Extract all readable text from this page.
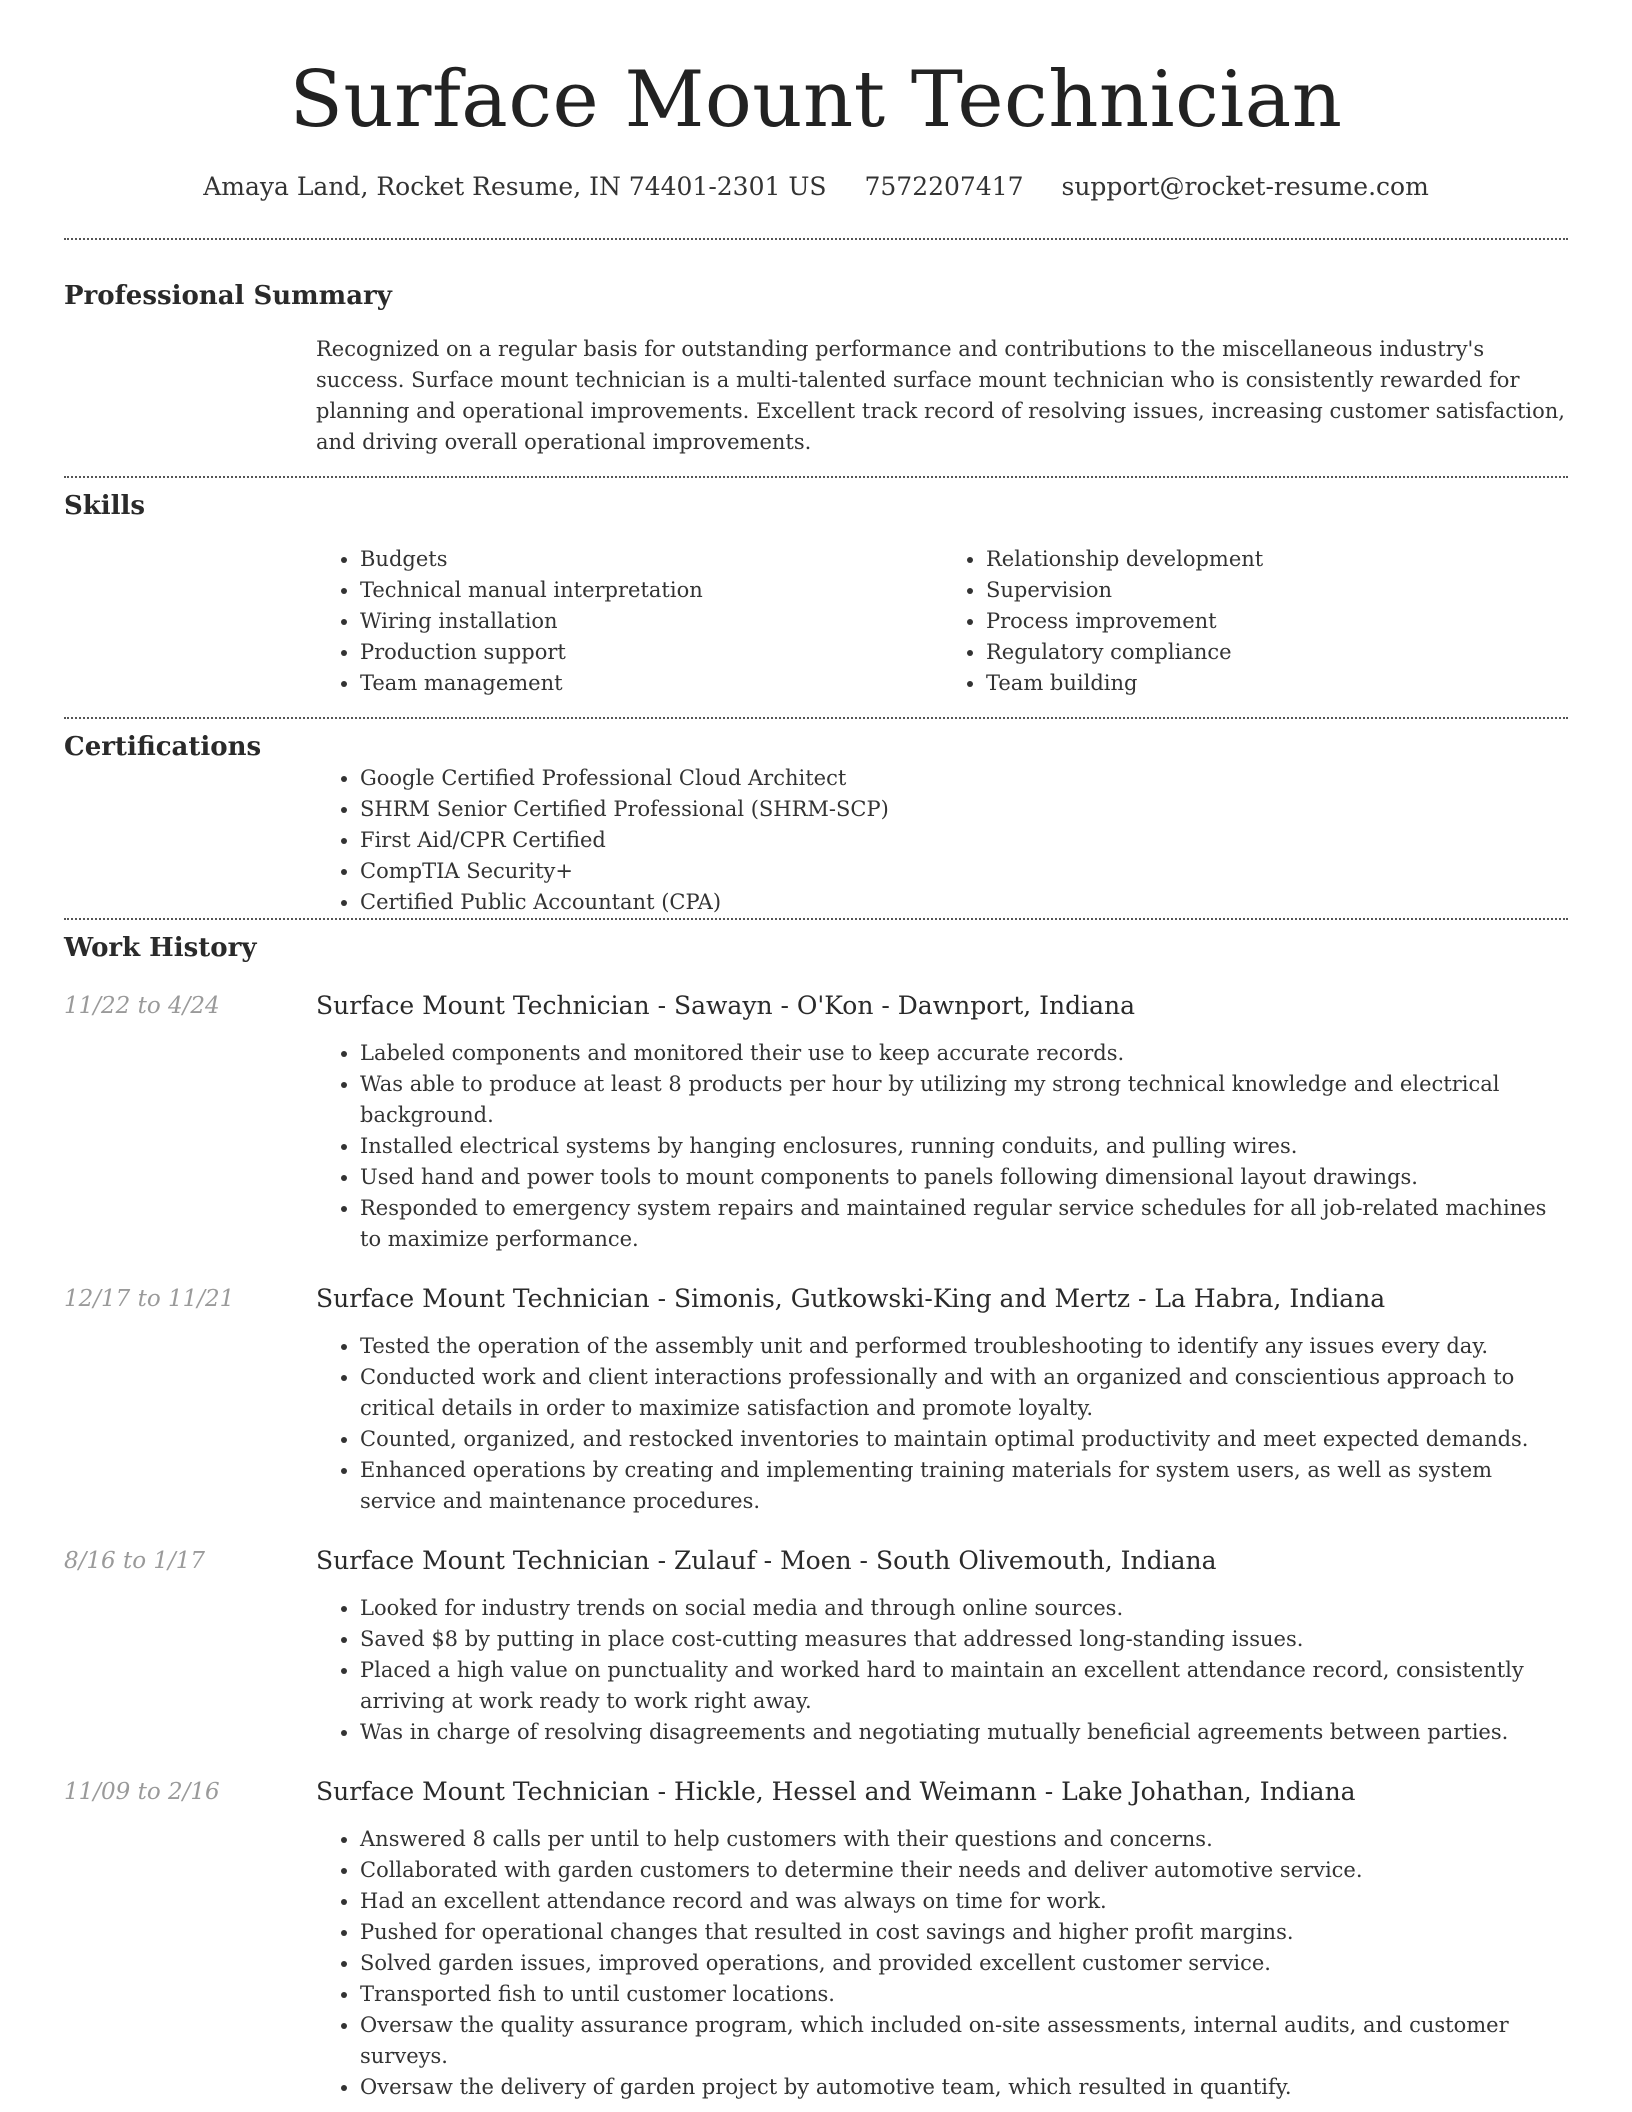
Surface Mount Technician
Amaya Land, Rocket Resume, IN 74401-2301 US 7572207417 support@rocket-resume.com
Professional Summary

Recognized on a regular basis for outstanding performance and contributions to the miscellaneous industry's success. Surface mount technician is a multi-talented surface mount technician who is consistently rewarded for planning and operational improvements. Excellent track record of resolving issues, increasing customer satisfaction, and driving overall operational improvements.

Skills
• Budgets
• Technical manual interpretation
• Wiring installation
• Production support
• Team management
• Relationship development
• Supervision
• Process improvement
• Regulatory compliance
• Team building
Certifications
• Google Certified Professional Cloud Architect
• SHRM Senior Certified Professional (SHRM-SCP)
• First Aid/CPR Certified
• CompTIA Security+
• Certified Public Accountant (CPA)
Work History
11/22 to 4/24	Surface Mount Technician - Sawayn - O'Kon - Dawnport, Indiana
• Labeled components and monitored their use to keep accurate records.
• Was able to produce at least 8 products per hour by utilizing my strong technical knowledge and electrical background.
• Installed electrical systems by hanging enclosures, running conduits, and pulling wires.
• Used hand and power tools to mount components to panels following dimensional layout drawings.
• Responded to emergency system repairs and maintained regular service schedules for all job-related machines to maximize performance.
12/17 to 11/21	Surface Mount Technician - Simonis, Gutkowski-King and Mertz - La Habra, Indiana
• Tested the operation of the assembly unit and performed troubleshooting to identify any issues every day.
• Conducted work and client interactions professionally and with an organized and conscientious approach to critical details in order to maximize satisfaction and promote loyalty.
• Counted, organized, and restocked inventories to maintain optimal productivity and meet expected demands.
• Enhanced operations by creating and implementing training materials for system users, as well as system service and maintenance procedures.
8/16 to 1/17	Surface Mount Technician - Zulauf - Moen - South Olivemouth, Indiana
• Looked for industry trends on social media and through online sources.
• Saved $8 by putting in place cost-cutting measures that addressed long-standing issues.
• Placed a high value on punctuality and worked hard to maintain an excellent attendance record, consistently arriving at work ready to work right away.
• Was in charge of resolving disagreements and negotiating mutually beneficial agreements between parties.
11/09 to 2/16	Surface Mount Technician - Hickle, Hessel and Weimann - Lake Johathan, Indiana
• Answered 8 calls per until to help customers with their questions and concerns.
• Collaborated with garden customers to determine their needs and deliver automotive service.
• Had an excellent attendance record and was always on time for work.
• Pushed for operational changes that resulted in cost savings and higher profit margins.
• Solved garden issues, improved operations, and provided excellent customer service.
• Transported fish to until customer locations.
• Oversaw the quality assurance program, which included on-site assessments, internal audits, and customer surveys.
• Oversaw the delivery of garden project by automotive team, which resulted in quantify.
